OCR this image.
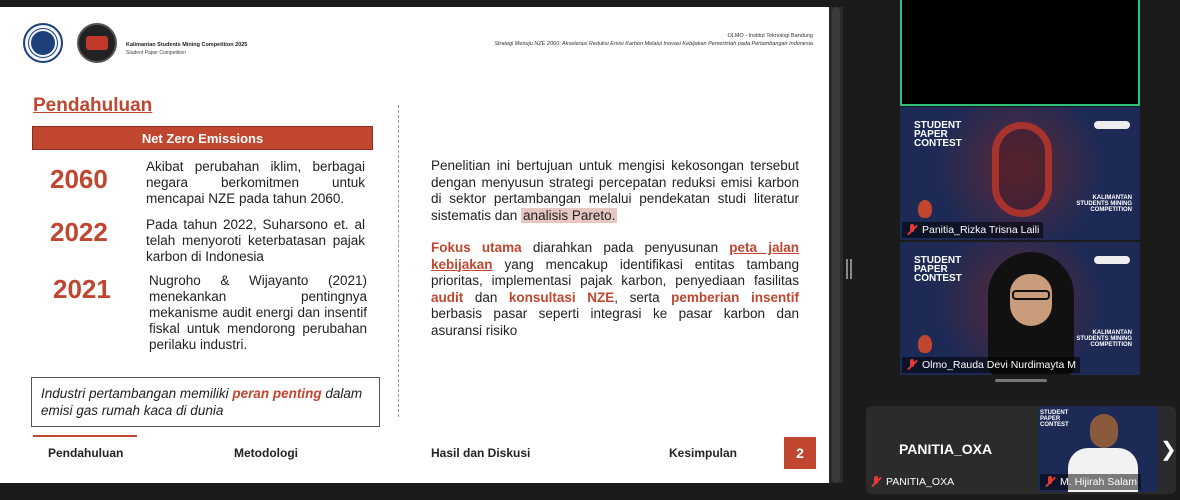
Kalimantan Students Mining Competition 2025
Student Paper Competition
OLMO - Institut Teknologi Bandung
Strategi Menuju NZE 2060: Akselerasi Reduksi Emisi Karbon Melalui Inovasi Kebijakan Pemerintah pada Pertambangan Indonesia
Pendahuluan
Net Zero Emissions
2060	Akibat perubahan iklim, berbagai negara berkomitmen untuk mencapai NZE pada tahun 2060.
2022	Pada tahun 2022, Suharsono et. al telah menyoroti keterbatasan pajak karbon di Indonesia
2021	Nugroho & Wijayanto (2021) menekankan pentingnya mekanisme audit energi dan insentif fiskal untuk mendorong perubahan perilaku industri.
Industri pertambangan memiliki peran penting dalam emisi gas rumah kaca di dunia
Penelitian ini bertujuan untuk mengisi kekosongan tersebut dengan menyusun strategi percepatan reduksi emisi karbon di sektor pertambangan melalui pendekatan studi literatur sistematis dan analisis Pareto.
Fokus utama diarahkan pada penyusunan peta jalan kebijakan yang mencakup identifikasi entitas tambang prioritas, implementasi pajak karbon, penyediaan fasilitas audit dan konsultasi NZE, serta pemberian insentif berbasis pasar seperti integrasi ke pasar karbon dan asuransi risiko
Pendahuluan	Metodologi	Hasil dan Diskusi	Kesimpulan	2
STUDENT PAPER CONTEST
KALIMANTAN STUDENTS MINING COMPETITION
Panitia_Rizka Trisna Laili
STUDENT PAPER CONTEST
KALIMANTAN STUDENTS MINING COMPETITION
Olmo_Rauda Devi Nurdimayta M
PANITIA_OXA
PANITIA_OXA
STUDENT PAPER CONTEST
M. Hijirah Salam
❯
